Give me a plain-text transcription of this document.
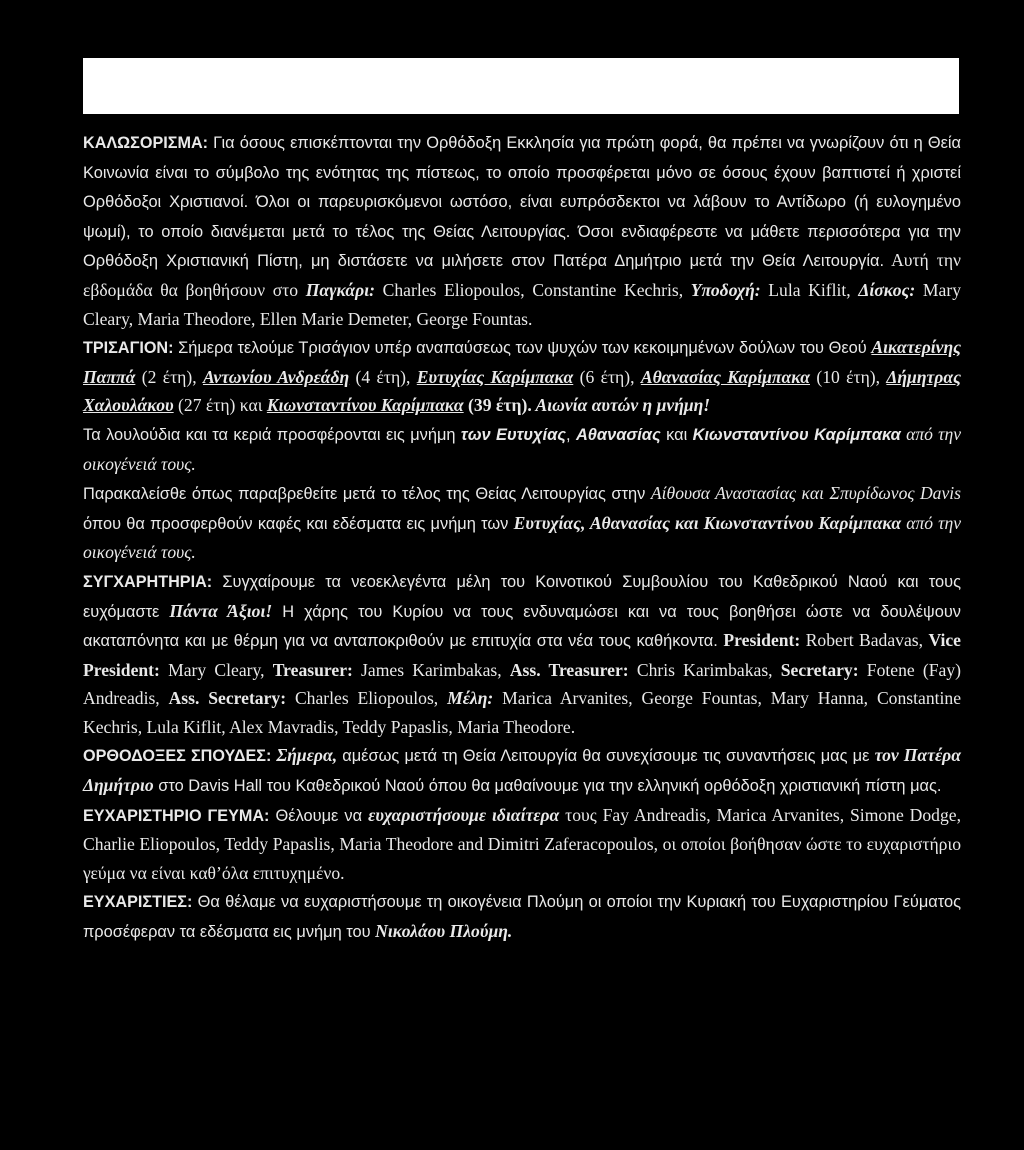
ΚΑΛΩΣΟΡΙΣΜΑ: Για όσους επισκέπτονται την Ορθόδοξη Εκκλησία για πρώτη φορά, θα πρέπει να γνωρίζουν ότι η Θεία Κοινωνία είναι το σύμβολο της ενότητας της πίστεως, το οποίο προσφέρεται μόνο σε όσους έχουν βαπτιστεί ή χριστεί Ορθόδοξοι Χριστιανοί. Όλοι οι παρευρισκόμενοι ωστόσο, είναι ευπρόσδεκτοι να λάβουν το Αντίδωρο (ή ευλογημένο ψωμί), το οποίο διανέμεται μετά το τέλος της Θείας Λειτουργίας. Όσοι ενδιαφέρεστε να μάθετε περισσότερα για την Ορθόδοξη Χριστιανική Πίστη, μη διστάσετε να μιλήσετε στον Πατέρα Δημήτριο μετά την Θεία Λειτουργία. Αυτή την εβδομάδα θα βοηθήσουν στο Παγκάρι: Charles Eliopoulos, Constantine Kechris, Υποδοχή: Lula Kiflit, Δίσκος: Mary Cleary, Maria Theodore, Ellen Marie Demeter, George Fountas.

ΤΡΙΣΑΓΙΟΝ: Σήμερα τελούμε Τρισάγιον υπέρ αναπαύσεως των ψυχών των κεκοιμημένων δούλων του Θεού Αικατερίνης Παππά (2 έτη), Αντωνίου Ανδρεάδη (4 έτη), Ευτυχίας Καρίμπακα (6 έτη), Αθανασίας Καρίμπακα (10 έτη), Δήμητρας Χαλουλάκου (27 έτη) και Κιωνσταντίνου Καρίμπακα (39 έτη). Αιωνία αυτών η μνήμη!

Τα λουλούδια και τα κεριά προσφέρονται εις μνήμη των Ευτυχίας, Αθανασίας και Κιωνσταντίνου Καρίμπακα από την οικογένειά τους.

Παρακαλείσθε όπως παραβρεθείτε μετά το τέλος της Θείας Λειτουργίας στην Αίθουσα Αναστασίας και Σπυρίδωνος Davis όπου θα προσφερθούν καφές και εδέσματα εις μνήμη των Ευτυχίας, Αθανασίας και Κιωνσταντίνου Καρίμπακα από την οικογένειά τους.

ΣΥΓΧΑΡΗΤΗΡΙΑ: Συγχαίρουμε τα νεοεκλεγέντα μέλη του Κοινοτικού Συμβουλίου του Καθεδρικού Ναού και τους ευχόμαστε Πάντα Άξιοι! Η χάρης του Κυρίου να τους ενδυναμώσει και να τους βοηθήσει ώστε να δουλέψουν ακαταπόνητα και με θέρμη για να ανταποκριθούν με επιτυχία στα νέα τους καθήκοντα. President: Robert Badavas, Vice President: Mary Cleary, Treasurer: James Karimbakas, Ass. Treasurer: Chris Karimbakas, Secretary: Fotene (Fay) Andreadis, Ass. Secretary: Charles Eliopoulos, Μέλη: Marica Arvanites, George Fountas, Mary Hanna, Constantine Kechris, Lula Kiflit, Alex Mavradis, Teddy Papaslis, Maria Theodore.

ΟΡΘΟΔΟΞΕΣ ΣΠΟΥΔΕΣ: Σήμερα, αμέσως μετά τη Θεία Λειτουργία θα συνεχίσουμε τις συναντήσεις μας με τον Πατέρα Δημήτριο στο Davis Hall του Καθεδρικού Ναού όπου θα μαθαίνουμε για την ελληνική ορθόδοξη χριστιανική πίστη μας.

ΕΥΧΑΡΙΣΤΗΡΙΟ ΓΕΥΜΑ: Θέλουμε να ευχαριστήσουμε ιδιαίτερα τους Fay Andreadis, Marica Arvanites, Simone Dodge, Charlie Eliopoulos, Teddy Papaslis, Maria Theodore and Dimitri Zaferacopoulos, οι οποίοι βοήθησαν ώστε το ευχαριστήριο γεύμα να είναι καθ’όλα επιτυχημένο.

ΕΥΧΑΡΙΣΤΙΕΣ: Θα θέλαμε να ευχαριστήσουμε τη οικογένεια Πλούμη οι οποίοι την Κυριακή του Ευχαριστηρίου Γεύματος προσέφεραν τα εδέσματα εις μνήμη του Νικολάου Πλούμη.
